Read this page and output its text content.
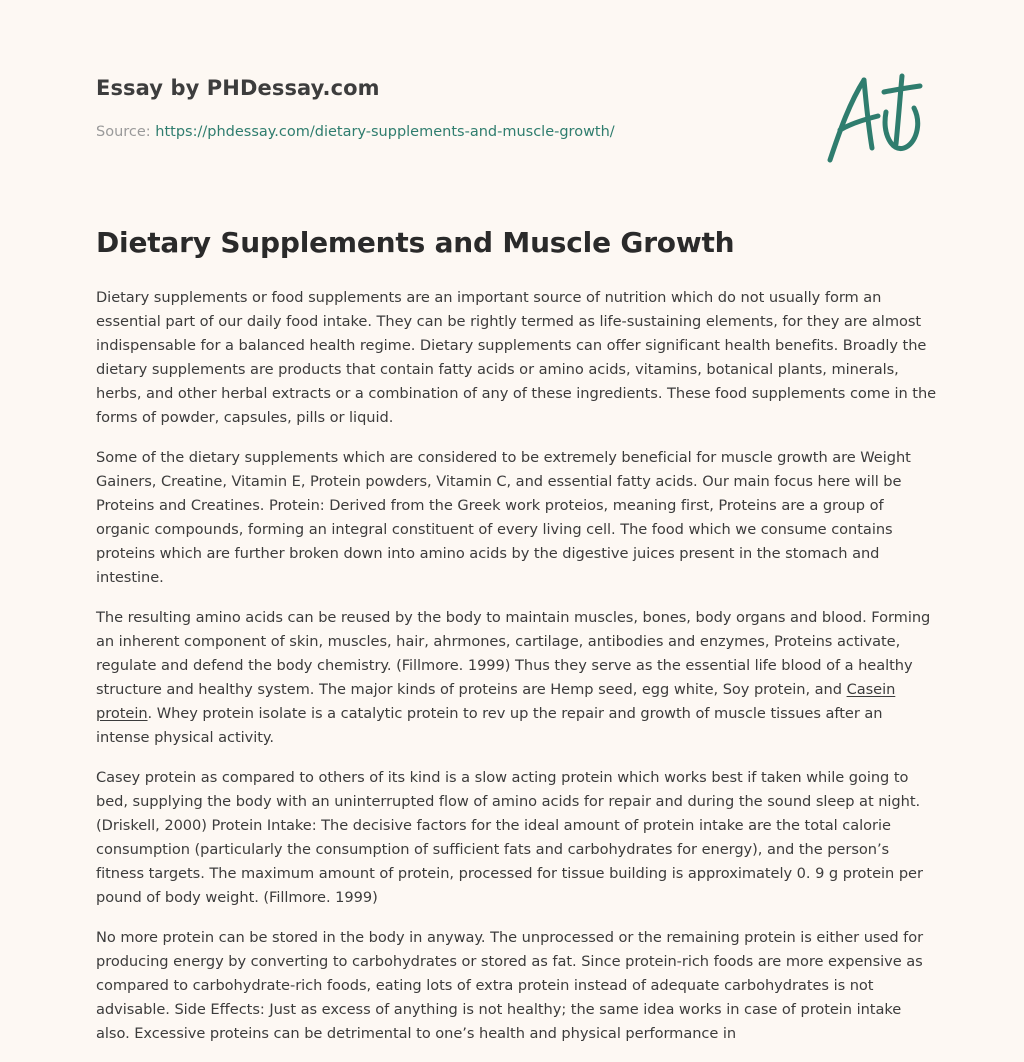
Essay by PHDessay.com
Source: https://phdessay.com/dietary-supplements-and-muscle-growth/
Dietary Supplements and Muscle Growth

Dietary supplements or food supplements are an important source of nutrition which do not usually form an essential part of our daily food intake. They can be rightly termed as life-sustaining elements, for they are almost indispensable for a balanced health regime. Dietary supplements can offer significant health benefits. Broadly the dietary supplements are products that contain fatty acids or amino acids, vitamins, botanical plants, minerals, herbs, and other herbal extracts or a combination of any of these ingredients. These food supplements come in the forms of powder, capsules, pills or liquid.

Some of the dietary supplements which are considered to be extremely beneficial for muscle growth are Weight Gainers, Creatine, Vitamin E, Protein powders, Vitamin C, and essential fatty acids. Our main focus here will be Proteins and Creatines. Protein: Derived from the Greek work proteios, meaning first, Proteins are a group of organic compounds, forming an integral constituent of every living cell. The food which we consume contains proteins which are further broken down into amino acids by the digestive juices present in the stomach and intestine.

The resulting amino acids can be reused by the body to maintain muscles, bones, body organs and blood. Forming an inherent component of skin, muscles, hair, ahrmones, cartilage, antibodies and enzymes, Proteins activate, regulate and defend the body chemistry. (Fillmore. 1999) Thus they serve as the essential life blood of a healthy structure and healthy system. The major kinds of proteins are Hemp seed, egg white, Soy protein, and Casein protein. Whey protein isolate is a catalytic protein to rev up the repair and growth of muscle tissues after an intense physical activity.

Casey protein as compared to others of its kind is a slow acting protein which works best if taken while going to bed, supplying the body with an uninterrupted flow of amino acids for repair and during the sound sleep at night. (Driskell, 2000) Protein Intake: The decisive factors for the ideal amount of protein intake are the total calorie consumption (particularly the consumption of sufficient fats and carbohydrates for energy), and the person’s fitness targets. The maximum amount of protein, processed for tissue building is approximately 0. 9 g protein per pound of body weight. (Fillmore. 1999)

No more protein can be stored in the body in anyway. The unprocessed or the remaining protein is either used for producing energy by converting to carbohydrates or stored as fat. Since protein-rich foods are more expensive as compared to carbohydrate-rich foods, eating lots of extra protein instead of adequate carbohydrates is not advisable. Side Effects: Just as excess of anything is not healthy; the same idea works in case of protein intake also. Excessive proteins can be detrimental to one’s health and physical performance in
